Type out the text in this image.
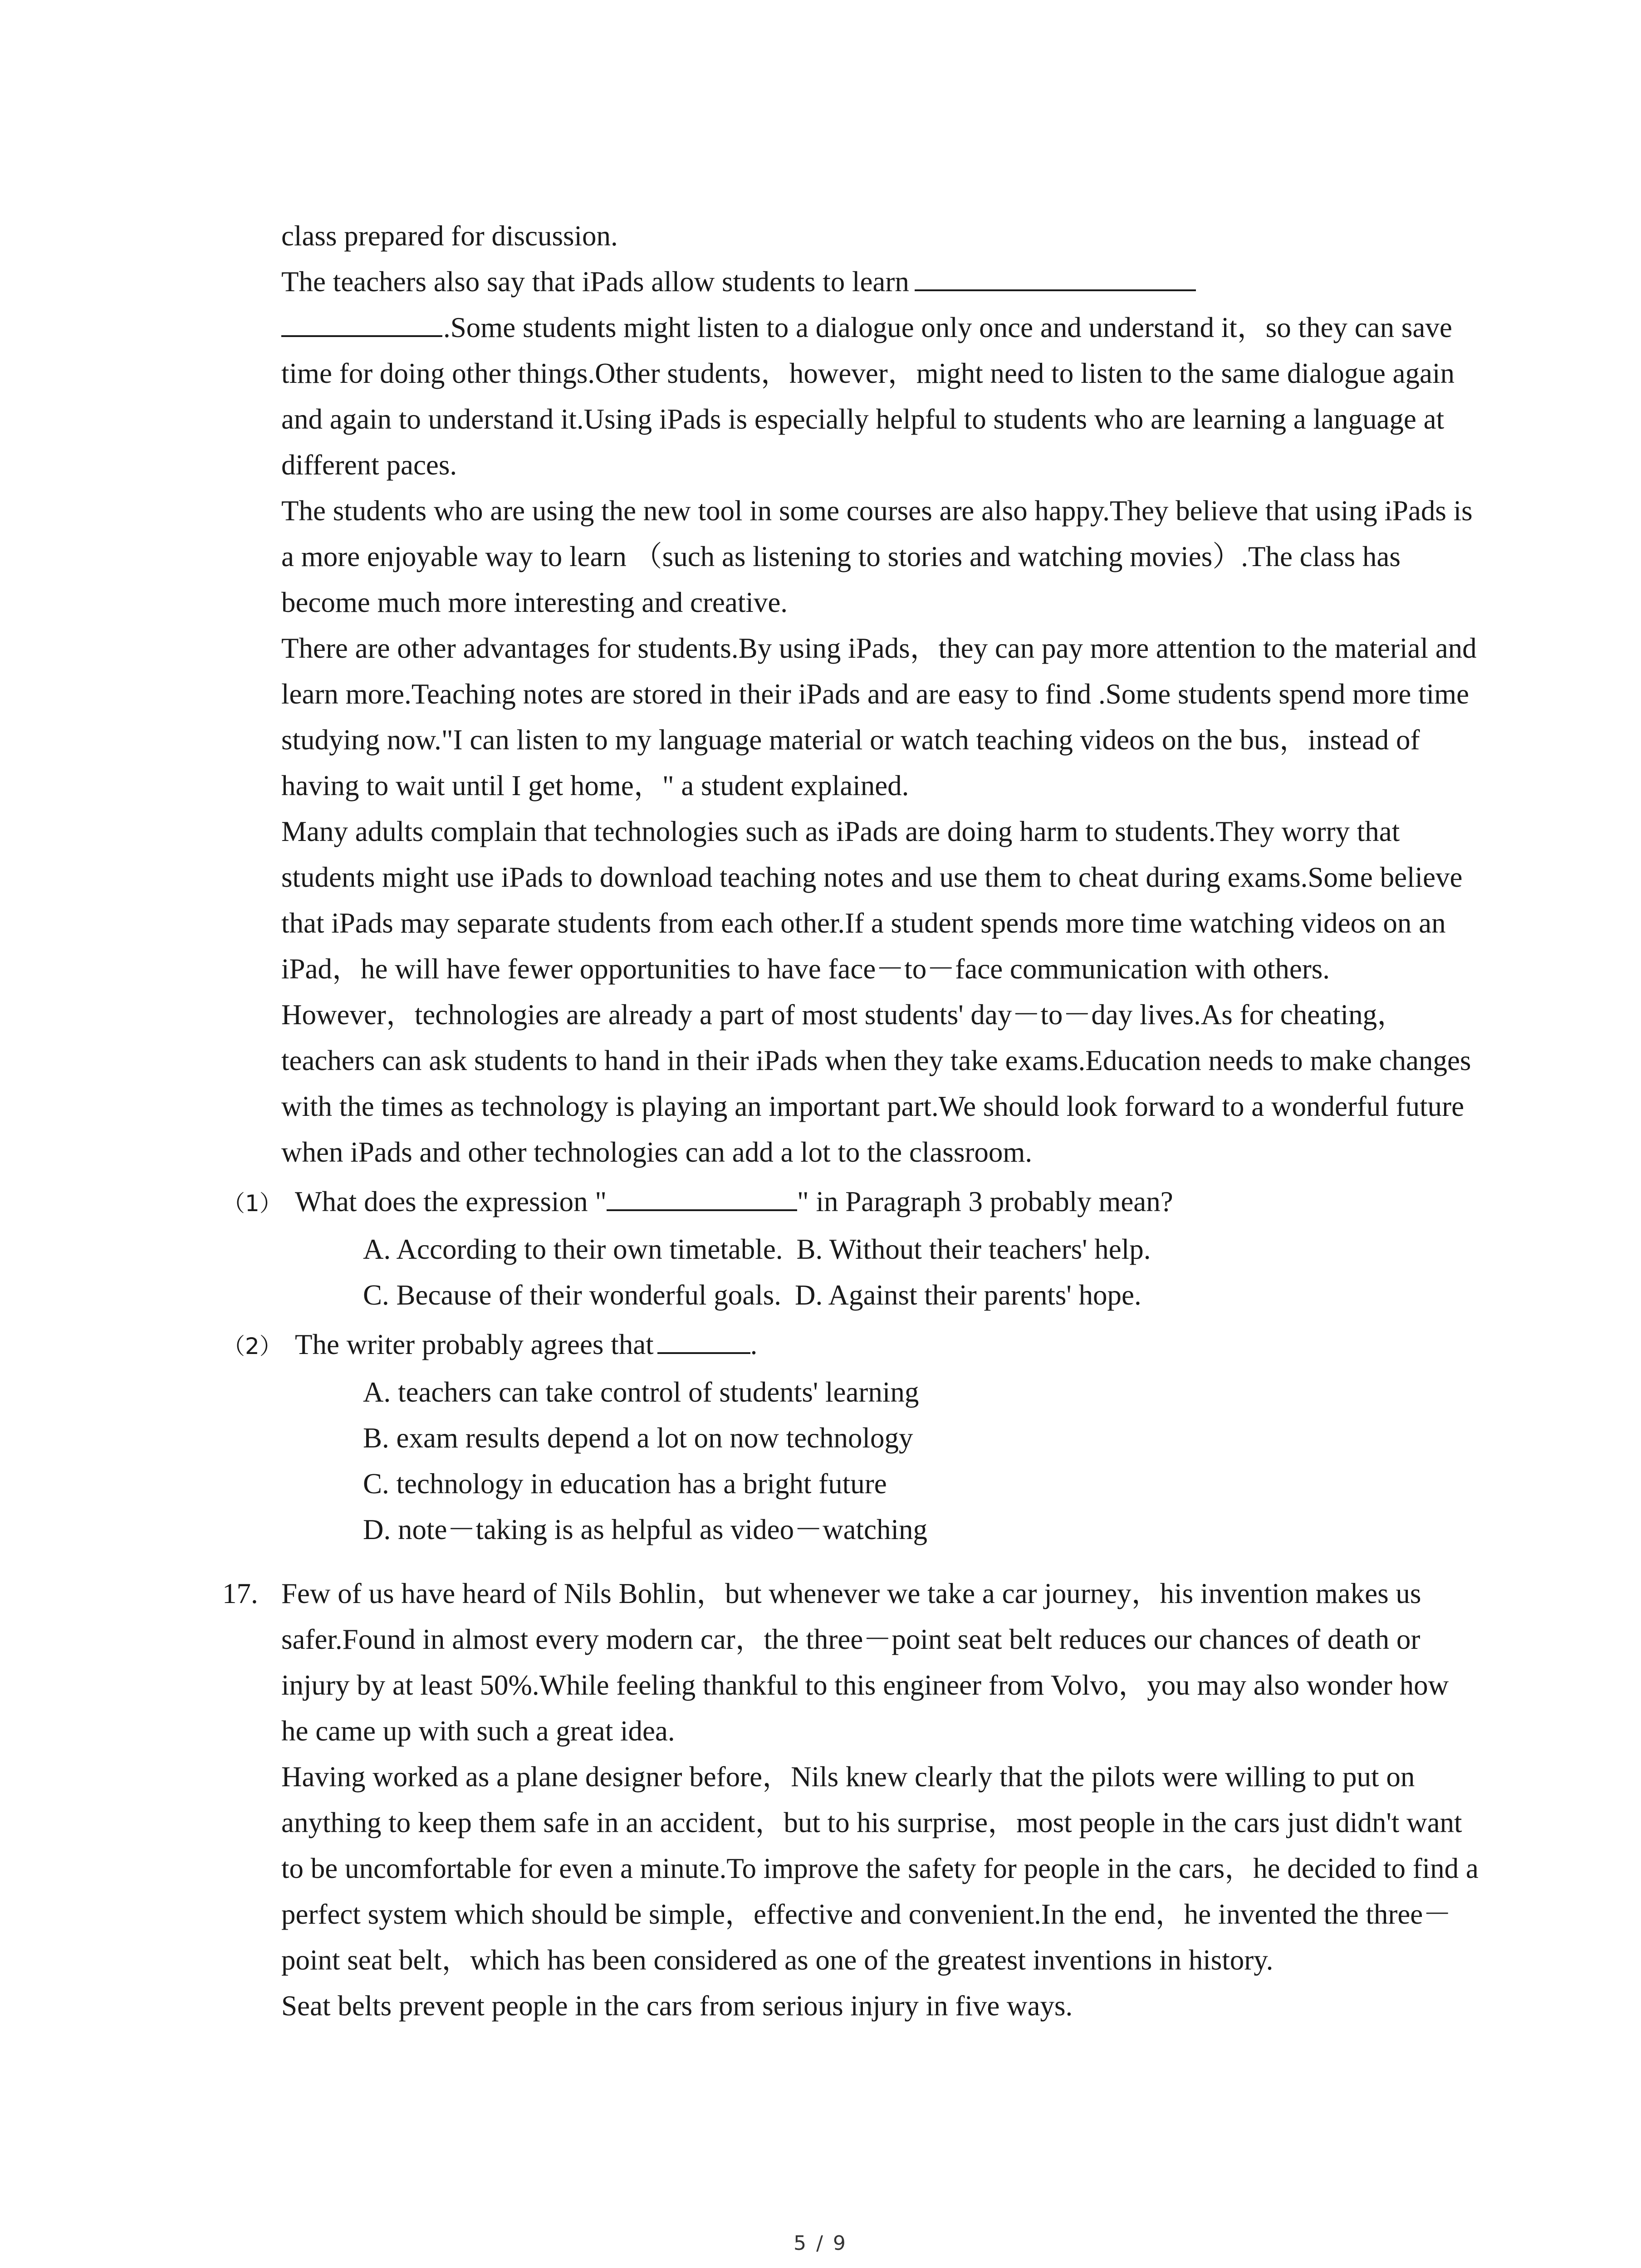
class prepared for discussion.

The teachers also say that iPads allow students to learn
.Some students might listen to a dialogue only once and understand it，so they can save time for doing other things.Other students，however，might need to listen to the same dialogue again and again to understand it.Using iPads is especially helpful to students who are learning a language at different paces.

The students who are using the new tool in some courses are also happy.They believe that using iPads is a more enjoyable way to learn （such as listening to stories and watching movies）.The class has become much more interesting and creative.

There are other advantages for students.By using iPads，they can pay more attention to the material and learn more.Teaching notes are stored in their iPads and are easy to find .Some students spend more time studying now."I can listen to my language material or watch teaching videos on the bus，instead of having to wait until I get home，" a student explained.

Many adults complain that technologies such as iPads are doing harm to students.They worry that students might use iPads to download teaching notes and use them to cheat during exams.Some believe that iPads may separate students from each other.If a student spends more time watching videos on an iPad，he will have fewer opportunities to have face－to－face communication with others.

However，technologies are already a part of most students' day－to－day lives.As for cheating，teachers can ask students to hand in their iPads when they take exams.Education needs to make changes with the times as technology is playing an important part.We should look forward to a wonderful future when iPads and other technologies can add a lot to the classroom.

（1） What does the expression "	" in Paragraph 3 probably mean?
A. According to their own timetable. B. Without their teachers' help.
C. Because of their wonderful goals. D. Against their parents' hope.
（2） The writer probably agrees that	.
A. teachers can take control of students' learning
B. exam results depend a lot on now technology
C. technology in education has a bright future
D. note－taking is as helpful as video－watching
17. Few of us have heard of Nils Bohlin，but whenever we take a car journey，his invention makes us safer.Found in almost every modern car，the three－point seat belt reduces our chances of death or injury by at least 50%.While feeling thankful to this engineer from Volvo，you may also wonder how he came up with such a great idea.

Having worked as a plane designer before，Nils knew clearly that the pilots were willing to put on anything to keep them safe in an accident，but to his surprise，most people in the cars just didn't want to be uncomfortable for even a minute.To improve the safety for people in the cars，he decided to find a perfect system which should be simple，effective and convenient.In the end，he invented the three－point seat belt，which has been considered as one of the greatest inventions in history.

Seat belts prevent people in the cars from serious injury in five ways.

5 / 9
